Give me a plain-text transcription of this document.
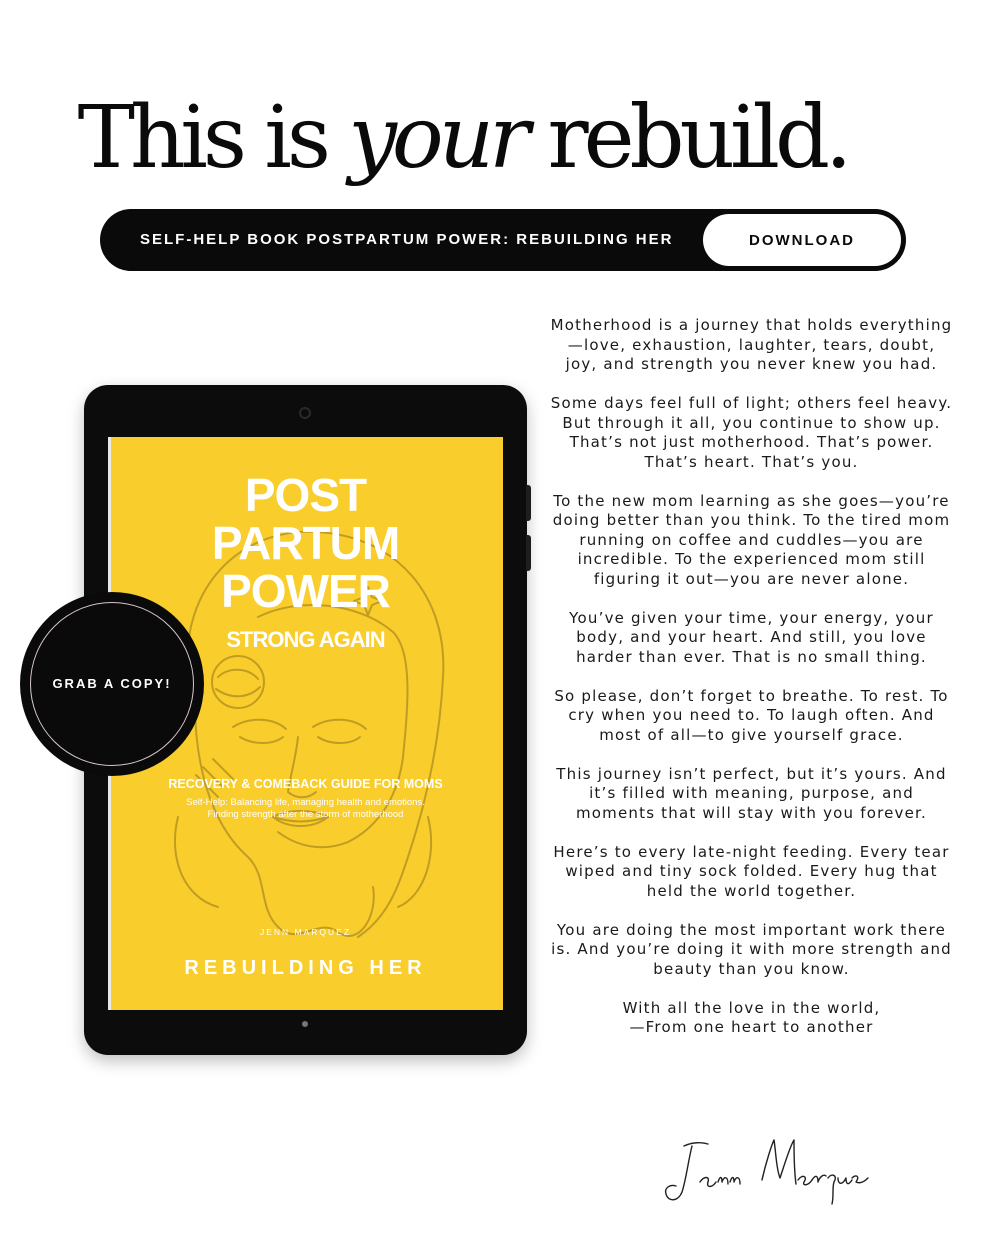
This is your rebuild.
SELF-HELP BOOK POSTPARTUM POWER: REBUILDING HER	DOWNLOAD
POST
PARTUM
POWER
STRONG AGAIN
RECOVERY & COMEBACK GUIDE FOR MOMS
Self-Help: Balancing life, managing health and emotions.
Finding strength after the storm of motherhood
JENN MARQUEZ
REBUILDING HER
GRAB A COPY!

Motherhood is a journey that holds everything—love, exhaustion, laughter, tears, doubt, joy, and strength you never knew you had.

Some days feel full of light; others feel heavy. But through it all, you continue to show up. That’s not just motherhood. That’s power. That’s heart. That’s you.

To the new mom learning as she goes—you’re doing better than you think. To the tired mom running on coffee and cuddles—you are incredible. To the experienced mom still figuring it out—you are never alone.

You’ve given your time, your energy, your body, and your heart. And still, you love harder than ever. That is no small thing.

So please, don’t forget to breathe. To rest. To cry when you need to. To laugh often. And most of all—to give yourself grace.

This journey isn’t perfect, but it’s yours. And it’s filled with meaning, purpose, and moments that will stay with you forever.

Here’s to every late-night feeding. Every tear wiped and tiny sock folded. Every hug that held the world together.

You are doing the most important work there is. And you’re doing it with more strength and beauty than you know.

With all the love in the world,
—From one heart to another
